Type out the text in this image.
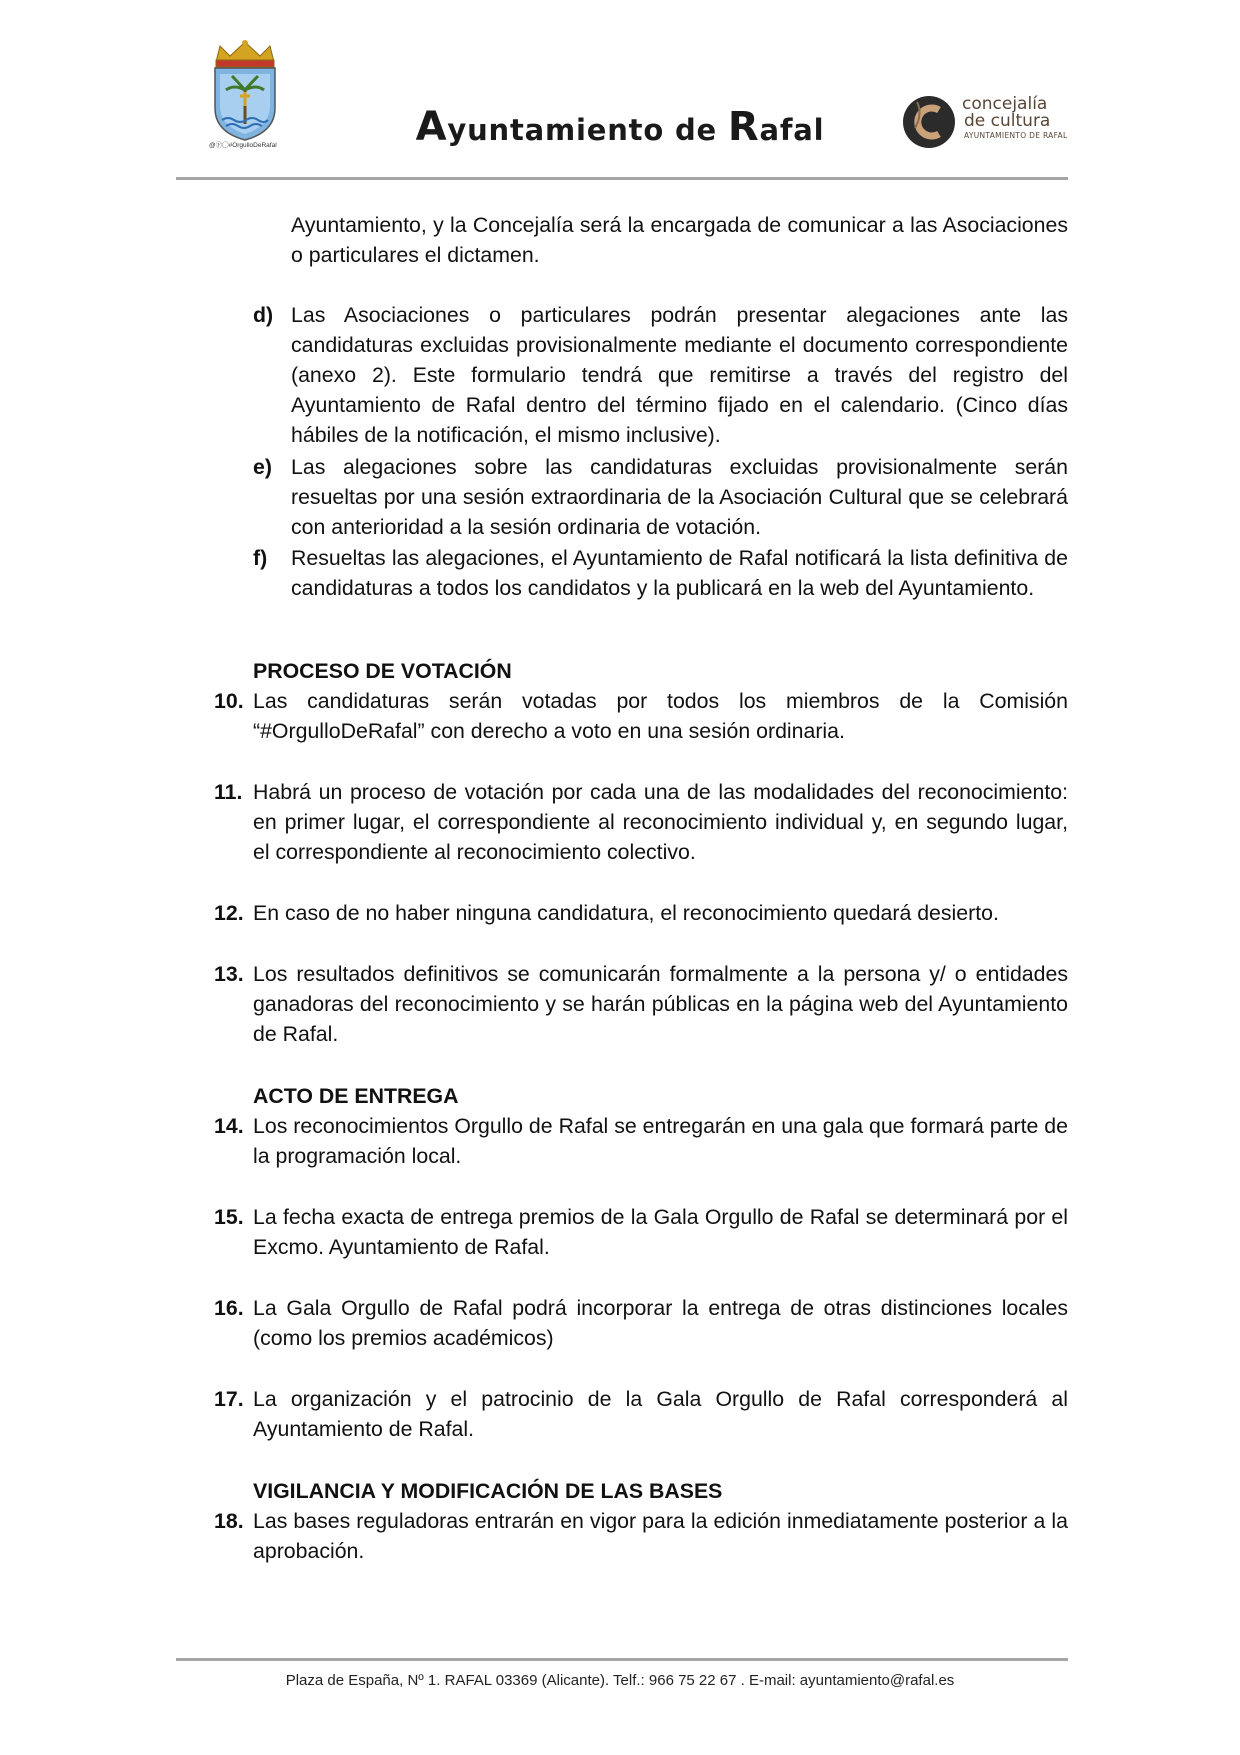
@Ⓕ◯#OrgulloDeRafal	Ayuntamiento de Rafal
concejalía
de cultura
AYUNTAMIENTO DE RAFAL
Ayuntamiento, y la Concejalía será la encargada de comunicar a las Asociaciones o particulares el dictamen.
d) Las Asociaciones o particulares podrán presentar alegaciones ante las candidaturas excluidas provisionalmente mediante el documento correspondiente (anexo 2). Este formulario tendrá que remitirse a través del registro del Ayuntamiento de Rafal dentro del término fijado en el calendario. (Cinco días hábiles de la notificación, el mismo inclusive).
e) Las alegaciones sobre las candidaturas excluidas provisionalmente serán resueltas por una sesión extraordinaria de la Asociación Cultural que se celebrará con anterioridad a la sesión ordinaria de votación.
f) Resueltas las alegaciones, el Ayuntamiento de Rafal notificará la lista definitiva de candidaturas a todos los candidatos y la publicará en la web del Ayuntamiento.
PROCESO DE VOTACIÓN
10. Las candidaturas serán votadas por todos los miembros de la Comisión “#OrgulloDeRafal” con derecho a voto en una sesión ordinaria.
11. Habrá un proceso de votación por cada una de las modalidades del reconocimiento: en primer lugar, el correspondiente al reconocimiento individual y, en segundo lugar, el correspondiente al reconocimiento colectivo.
12. En caso de no haber ninguna candidatura, el reconocimiento quedará desierto.
13. Los resultados definitivos se comunicarán formalmente a la persona y/ o entidades ganadoras del reconocimiento y se harán públicas en la página web del Ayuntamiento de Rafal.
ACTO DE ENTREGA
14. Los reconocimientos Orgullo de Rafal se entregarán en una gala que formará parte de la programación local.
15. La fecha exacta de entrega premios de la Gala Orgullo de Rafal se determinará por el Excmo. Ayuntamiento de Rafal.
16. La Gala Orgullo de Rafal podrá incorporar la entrega de otras distinciones locales (como los premios académicos)
17. La organización y el patrocinio de la Gala Orgullo de Rafal corresponderá al Ayuntamiento de Rafal.
VIGILANCIA Y MODIFICACIÓN DE LAS BASES
18. Las bases reguladoras entrarán en vigor para la edición inmediatamente posterior a la aprobación.
Plaza de España, Nº 1. RAFAL 03369 (Alicante). Telf.: 966 75 22 67 . E-mail: ayuntamiento@rafal.es
